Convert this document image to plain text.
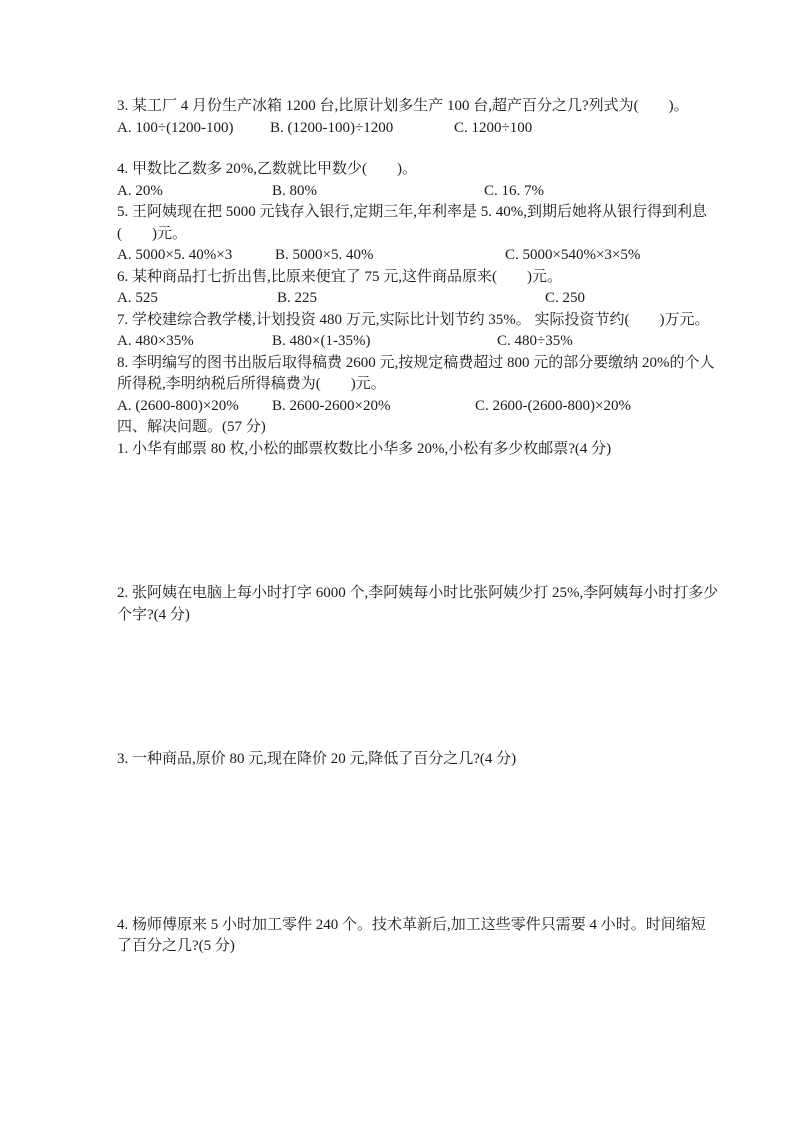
3. 某工厂 4 月份生产冰箱 1200 台,比原计划多生产 100 台,超产百分之几?列式为(　　)。

A. 100÷(1200-100)

B. (1200-100)÷1200

	C. 1200÷100

4. 甲数比乙数多 20%,乙数就比甲数少(　　)。

A. 20%

	B. 80%

	C. 16. 7%

5. 王阿姨现在把 5000 元钱存入银行,定期三年,年利率是 5. 40%,到期后她将从银行得到利息
(　　)元。

A. 5000×5. 40%×3

	B. 5000×5. 40%

	C. 5000×540%×3×5%

6. 某种商品打七折出售,比原来便宜了 75 元,这件商品原来(　　)元。

A. 525

	B. 225

	C. 250

7. 学校建综合教学楼,计划投资 480 万元,实际比计划节约 35%。 实际投资节约(　　)万元。

A. 480×35%

	B. 480×(1-35%)

	C. 480÷35%

8. 李明编写的图书出版后取得稿费 2600 元,按规定稿费超过 800 元的部分要缴纳 20%的个人
所得税,李明纳税后所得稿费为(　　)元。

A. (2600-800)×20%

B. 2600-2600×20%

	C. 2600-(2600-800)×20%

四、解决问题。(57 分)
1. 小华有邮票 80 枚,小松的邮票枚数比小华多 20%,小松有多少枚邮票?(4 分)
2. 张阿姨在电脑上每小时打字 6000 个,李阿姨每小时比张阿姨少打 25%,李阿姨每小时打多少
个字?(4 分)
3. 一种商品,原价 80 元,现在降价 20 元,降低了百分之几?(4 分)
4. 杨师傅原来 5 小时加工零件 240 个。技术革新后,加工这些零件只需要 4 小时。时间缩短
了百分之几?(5 分)
